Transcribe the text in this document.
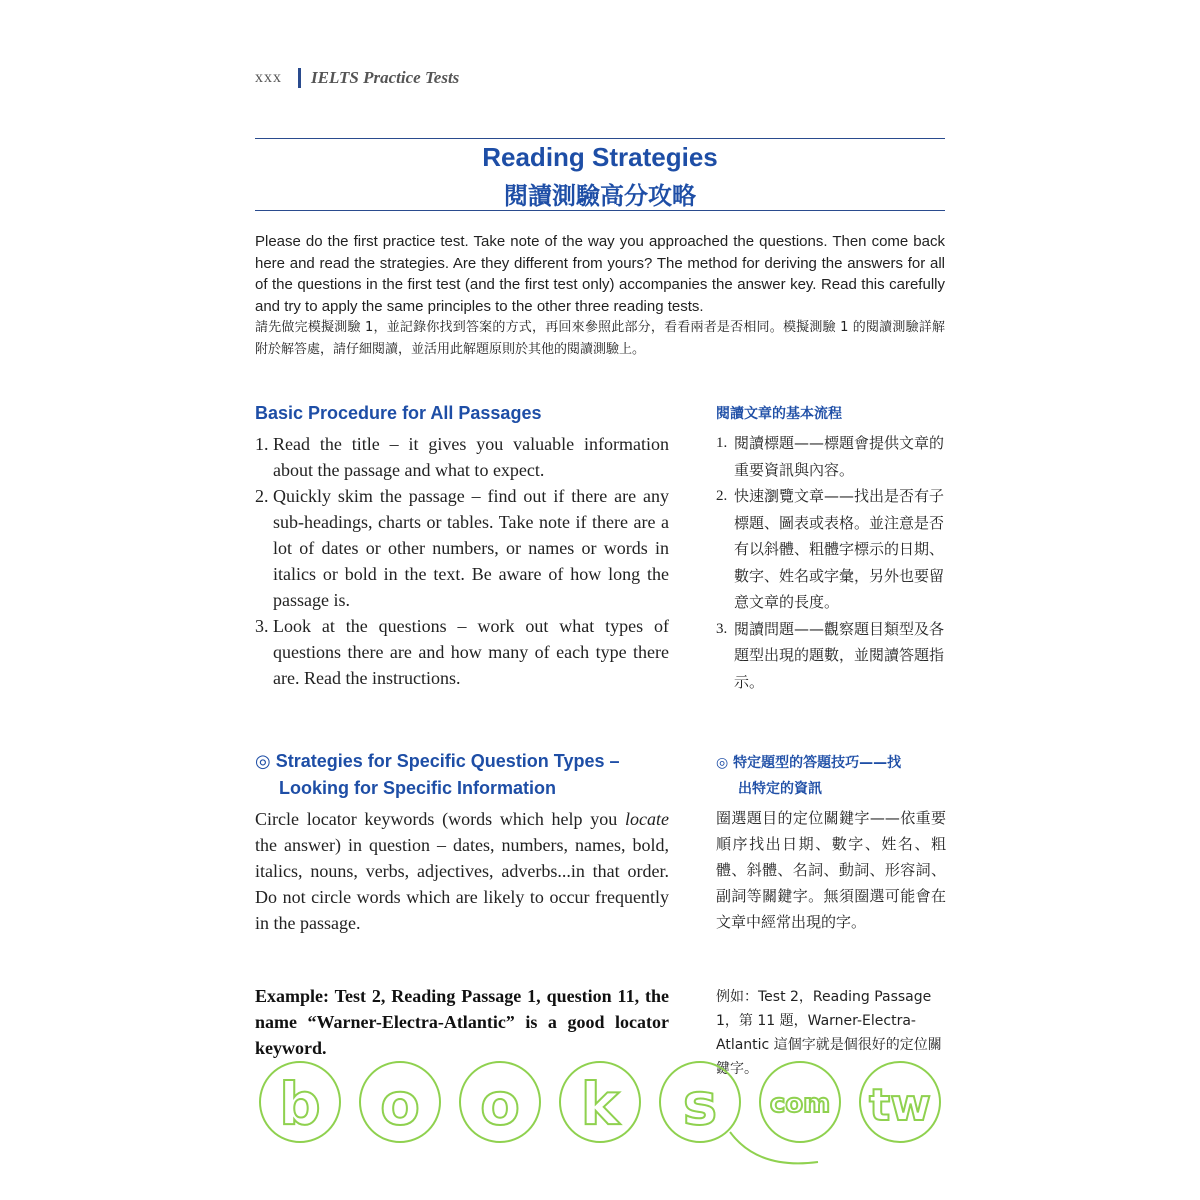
xxx IELTS Practice Tests
Reading Strategies
閱讀測驗高分攻略
Please do the first practice test. Take note of the way you approached the questions. Then come back here and read the strategies. Are they different from yours? The method for deriving the answers for all of the questions in the first test (and the first test only) accompanies the answer key. Read this carefully and try to apply the same principles to the other three reading tests.
請先做完模擬測驗 1，並記錄你找到答案的方式，再回來參照此部分，看看兩者是否相同。模擬測驗 1 的閱讀測驗詳解附於解答處，請仔細閱讀，並活用此解題原則於其他的閱讀測驗上。
Basic Procedure for All Passages	閱讀文章的基本流程
1. Read the title – it gives you valuable information about the passage and what to expect.
2. Quickly skim the passage – find out if there are any sub-headings, charts or tables. Take note if there are a lot of dates or other numbers, or names or words in italics or bold in the text. Be aware of how long the passage is.
3. Look at the questions – work out what types of questions there are and how many of each type there are. Read the instructions.
1. 閱讀標題——標題會提供文章的重要資訊與內容。
2. 快速瀏覽文章——找出是否有子標題、圖表或表格。並注意是否有以斜體、粗體字標示的日期、數字、姓名或字彙，另外也要留意文章的長度。
3. 閱讀問題——觀察題目類型及各題型出現的題數，並閱讀答題指示。
◎ Strategies for Specific Question Types –
Looking for Specific Information
◎ 特定題型的答題技巧——找
出特定的資訊
Circle locator keywords (words which help you locate the answer) in question – dates, numbers, names, bold, italics, nouns, verbs, adjectives, adverbs...in that order. Do not circle words which are likely to occur frequently in the passage.
圈選題目的定位關鍵字——依重要順序找出日期、數字、姓名、粗體、斜體、名詞、動詞、形容詞、副詞等關鍵字。無須圈選可能會在文章中經常出現的字。
Example: Test 2, Reading Passage 1, question 11, the name “Warner-Electra-Atlantic” is a good locator keyword.
例如：Test 2，Reading Passage 1，第 11 題，Warner-Electra-Atlantic 這個字就是個很好的定位關鍵字。
b o o k s com tw
